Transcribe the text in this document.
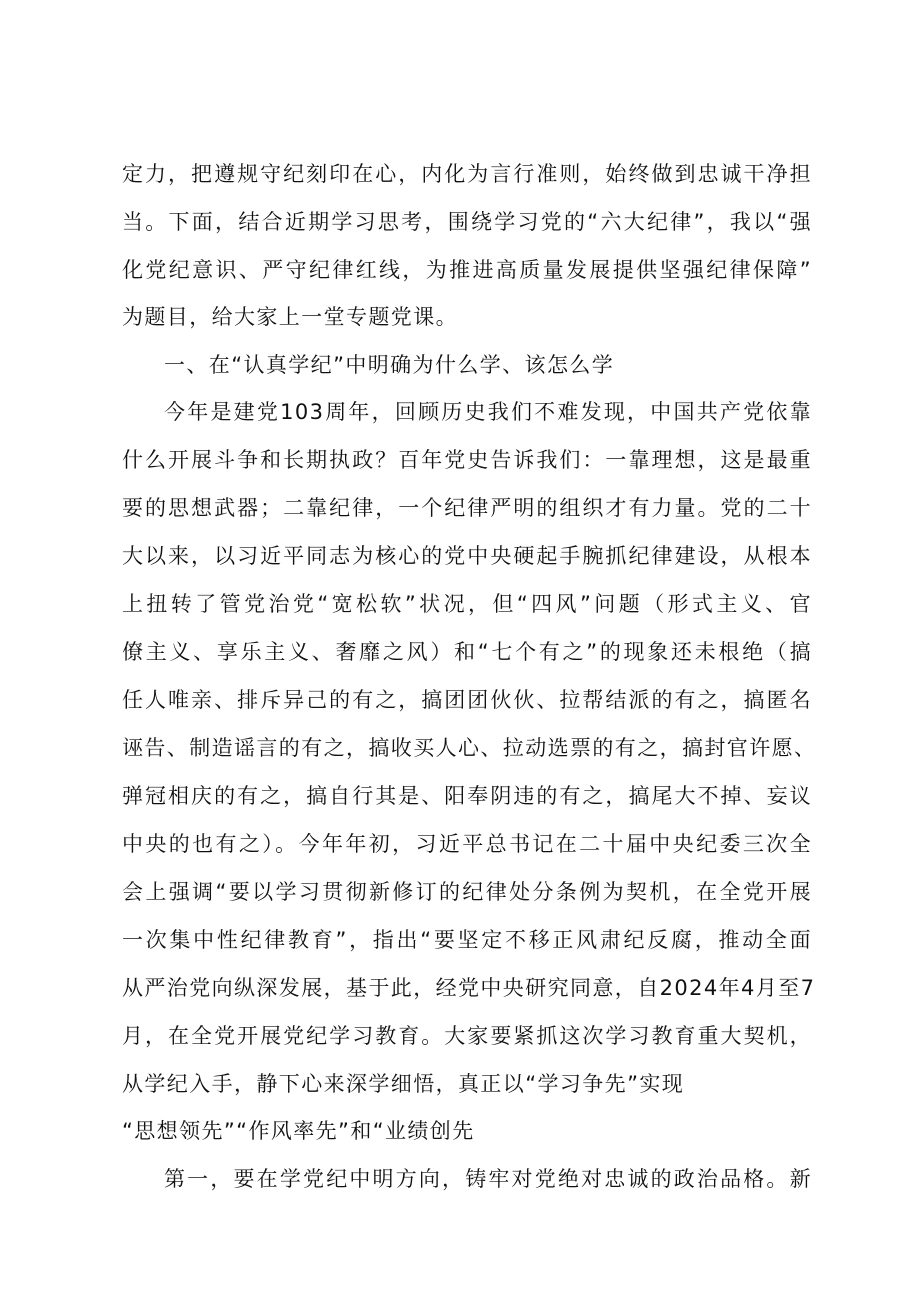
定力，把遵规守纪刻印在心，内化为言行准则，始终做到忠诚干净担
当。下面，结合近期学习思考，围绕学习党的“六大纪律”，我以“强
化党纪意识、严守纪律红线，为推进高质量发展提供坚强纪律保障”
为题目，给大家上一堂专题党课。
一、在“认真学纪”中明确为什么学、该怎么学
今年是建党103周年，回顾历史我们不难发现，中国共产党依靠
什么开展斗争和长期执政？百年党史告诉我们：一靠理想，这是最重
要的思想武器；二靠纪律，一个纪律严明的组织才有力量。党的二十
大以来，以习近平同志为核心的党中央硬起手腕抓纪律建设，从根本
上扭转了管党治党“宽松软”状况，但“四风”问题（形式主义、官
僚主义、享乐主义、奢靡之风）和“七个有之”的现象还未根绝（搞
任人唯亲、排斥异己的有之，搞团团伙伙、拉帮结派的有之，搞匿名
诬告、制造谣言的有之，搞收买人心、拉动选票的有之，搞封官许愿、
弹冠相庆的有之，搞自行其是、阳奉阴违的有之，搞尾大不掉、妄议
中央的也有之）。今年年初，习近平总书记在二十届中央纪委三次全
会上强调“要以学习贯彻新修订的纪律处分条例为契机，在全党开展
一次集中性纪律教育”，指出“要坚定不移正风肃纪反腐，推动全面
从严治党向纵深发展，基于此，经党中央研究同意，自2024年4月至7
月，在全党开展党纪学习教育。大家要紧抓这次学习教育重大契机，
从学纪入手，静下心来深学细悟，真正以“学习争先”实现
“思想领先”“作风率先”和“业绩创先
第一，要在学党纪中明方向，铸牢对党绝对忠诚的政治品格。新
